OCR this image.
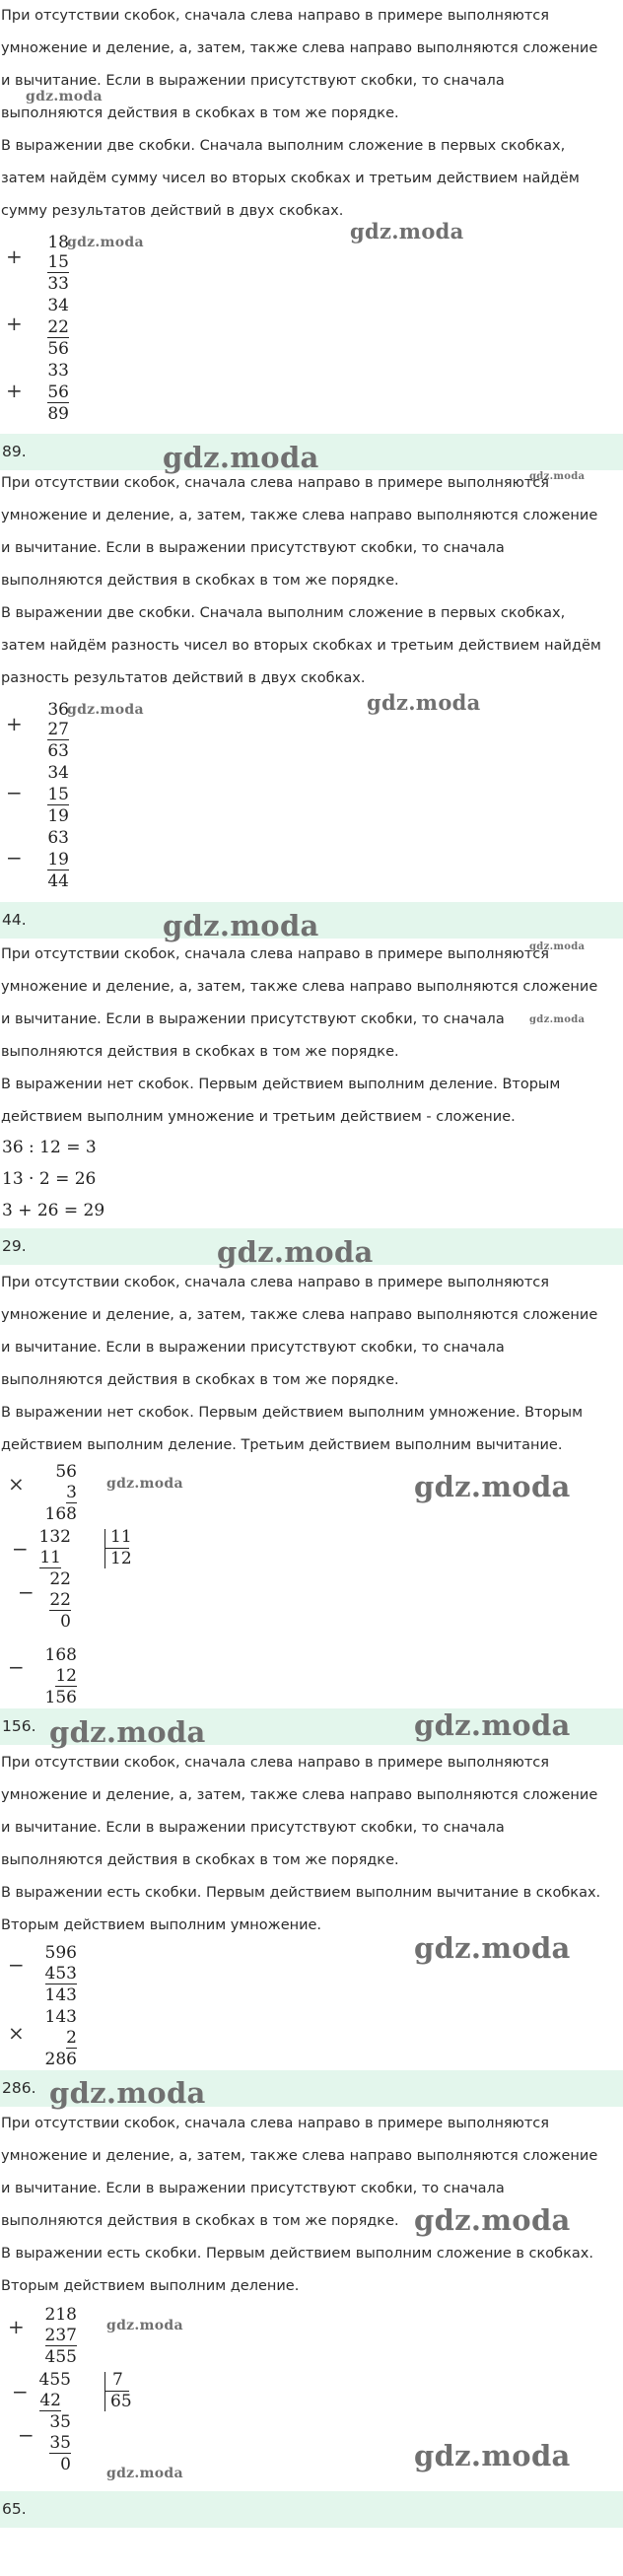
При отсутствии скобок, сначала слева направо в примере выполняются

умножение и деление, а, затем, также слева направо выполняются сложение

и вычитание. Если в выражении присутствуют скобки, то сначала

выполняются действия в скобках в том же порядке.

В выражении две скобки. Сначала выполним сложение в первых скобках,

затем найдём сумму чисел во вторых скобках и третьим действием найдём

сумму результатов действий в двух скобках.

+
18
15
33
+
34
22
56
+
33
56
89
89.

При отсутствии скобок, сначала слева направо в примере выполняются

умножение и деление, а, затем, также слева направо выполняются сложение

и вычитание. Если в выражении присутствуют скобки, то сначала

выполняются действия в скобках в том же порядке.

В выражении две скобки. Сначала выполним сложение в первых скобках,

затем найдём разность чисел во вторых скобках и третьим действием найдём

разность результатов действий в двух скобках.

+
36
27
63
−
34
15
19
−
63
19
44
44.

При отсутствии скобок, сначала слева направо в примере выполняются

умножение и деление, а, затем, также слева направо выполняются сложение

и вычитание. Если в выражении присутствуют скобки, то сначала

выполняются действия в скобках в том же порядке.

В выражении нет скобок. Первым действием выполним деление. Вторым

действием выполним умножение и третьим действием - сложение.

36 : 12 = 3
13 · 2 = 26
3 + 26 = 29
29.

При отсутствии скобок, сначала слева направо в примере выполняются

умножение и деление, а, затем, также слева направо выполняются сложение

и вычитание. Если в выражении присутствуют скобки, то сначала

выполняются действия в скобках в том же порядке.

В выражении нет скобок. Первым действием выполним умножение. Вторым

действием выполним деление. Третьим действием выполним вычитание.

× 56
3
168
− 132
11
−
22
22
0
11
12
− 168
12
156
156.

При отсутствии скобок, сначала слева направо в примере выполняются

умножение и деление, а, затем, также слева направо выполняются сложение

и вычитание. Если в выражении присутствуют скобки, то сначала

выполняются действия в скобках в том же порядке.

В выражении есть скобки. Первым действием выполним вычитание в скобках.

Вторым действием выполним умножение.

− 596
453
143
×
143
2
286
286.

При отсутствии скобок, сначала слева направо в примере выполняются

умножение и деление, а, затем, также слева направо выполняются сложение

и вычитание. Если в выражении присутствуют скобки, то сначала

выполняются действия в скобках в том же порядке.

В выражении есть скобки. Первым действием выполним сложение в скобках.

Вторым действием выполним деление.

+ 218
237
455
− 455
42
−
35
35
0
7
65
65.
gdz.moda
gdz.moda
gdz.moda
gdz.moda
gdz.moda
gdz.moda
gdz.moda
gdz.moda
gdz.moda
gdz.moda
gdz.moda
gdz.moda	gdz.moda
gdz.moda	gdz.moda
gdz.moda
gdz.moda
gdz.moda
gdz.moda
gdz.moda
gdz.moda
